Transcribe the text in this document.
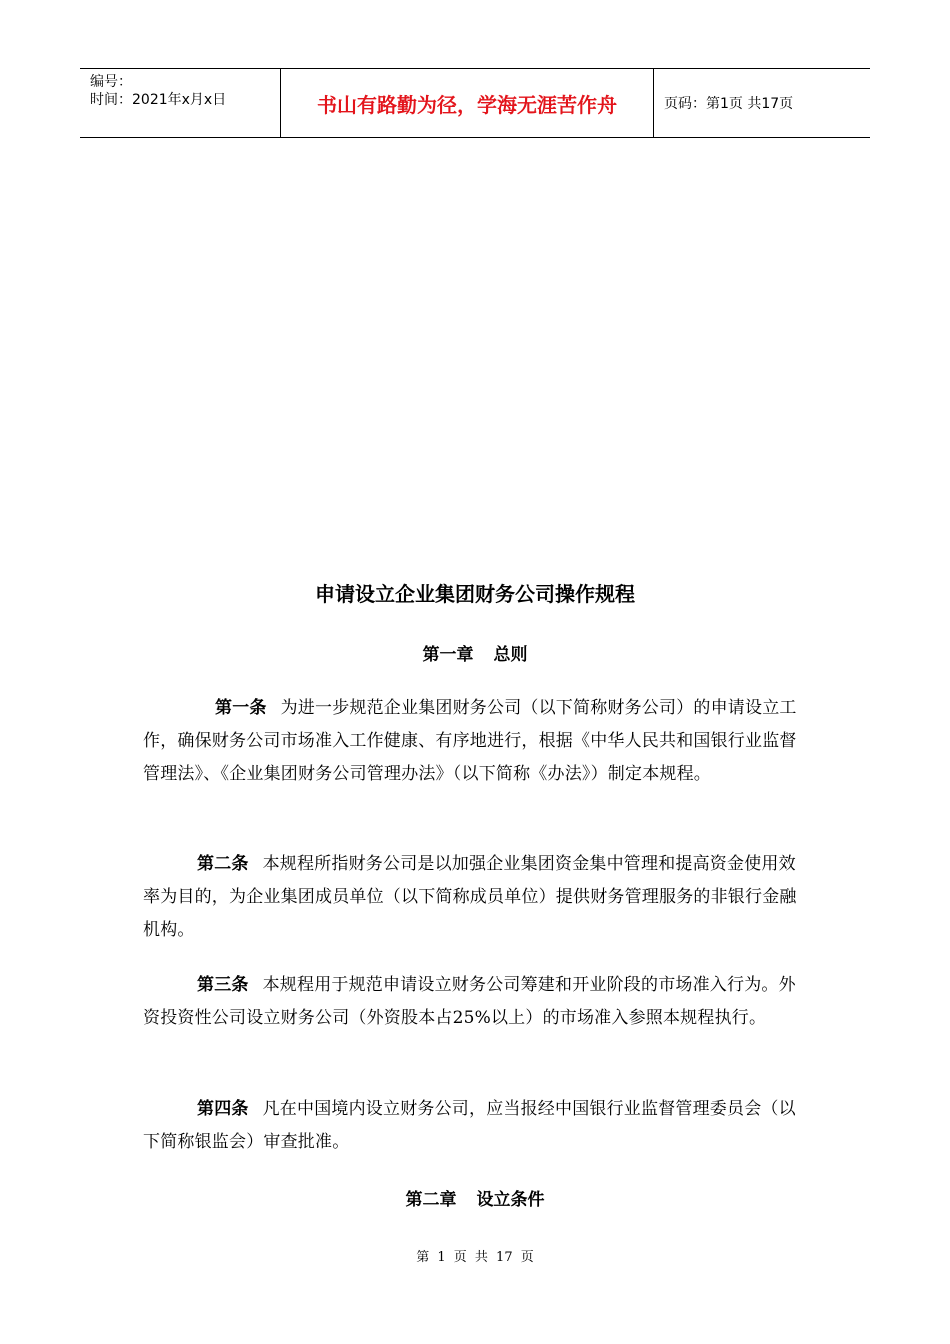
编号：
时间：2021年x月x日	书山有路勤为径，学海无涯苦作舟	页码：第1页 共17页
申请设立企业集团财务公司操作规程
第一章 总则
第一条 为进一步规范企业集团财务公司（以下简称财务公司）的申请设立工作，确保财务公司市场准入工作健康、有序地进行，根据《中华人民共和国银行业监督管理法》、《企业集团财务公司管理办法》（以下简称《办法》）制定本规程。
第二条 本规程所指财务公司是以加强企业集团资金集中管理和提高资金使用效率为目的，为企业集团成员单位（以下简称成员单位）提供财务管理服务的非银行金融机构。
第三条 本规程用于规范申请设立财务公司筹建和开业阶段的市场准入行为。外资投资性公司设立财务公司（外资股本占25%以上）的市场准入参照本规程执行。
第四条 凡在中国境内设立财务公司，应当报经中国银行业监督管理委员会（以下简称银监会）审查批准。
第二章 设立条件
第 1 页 共 17 页
